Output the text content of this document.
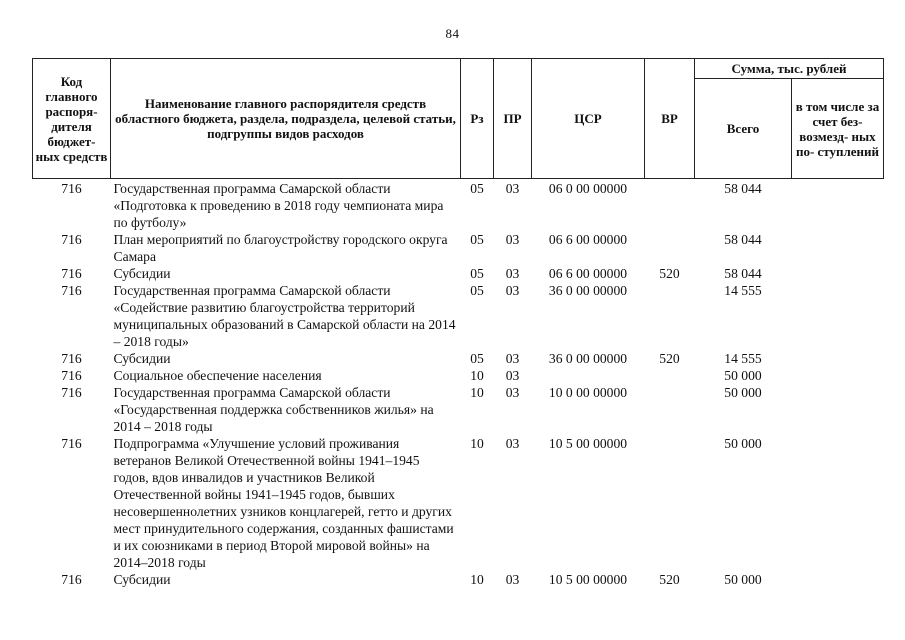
84
Код главного распоря- дителя бюджет- ных средств	Наименование главного распорядителя средств областного бюджета, раздела, подраздела, целевой статьи, подгруппы видов расходов	Рз	ПР	ЦСР	ВР	Сумма, тыс. рублей	
						Всего	в том числе за счет без- возмезд- ных по- ступлений
716	Государственная программа Самарской области «Подготовка к проведению в 2018 году чемпионата мира по футболу»	05	03	06 0 00 00000		58 044	
716	План мероприятий по благоустройству городского округа Самара	05	03	06 6 00 00000		58 044	
716	Субсидии	05	03	06 6 00 00000	520	58 044	
716	Государственная программа Самарской области «Содействие развитию благоустройства территорий муниципальных образований в Самарской области на 2014 – 2018 годы»	05	03	36 0 00 00000		14 555	
716	Субсидии	05	03	36 0 00 00000	520	14 555	
716	Социальное обеспечение населения	10	03			50 000	
716	Государственная программа Самарской области «Государственная поддержка собственников жилья» на 2014 – 2018 годы	10	03	10 0 00 00000		50 000	
716	Подпрограмма «Улучшение условий проживания ветеранов Великой Отечественной войны 1941–1945 годов, вдов инвалидов и участников Великой Отечественной войны 1941–1945 годов, бывших несовершеннолетних узников концлагерей, гетто и других мест принудительного содержания, созданных фашистами и их союзниками в период Второй мировой войны» на 2014–2018 годы	10	03	10 5 00 00000		50 000	
716	Субсидии	10	03	10 5 00 00000	520	50 000	
